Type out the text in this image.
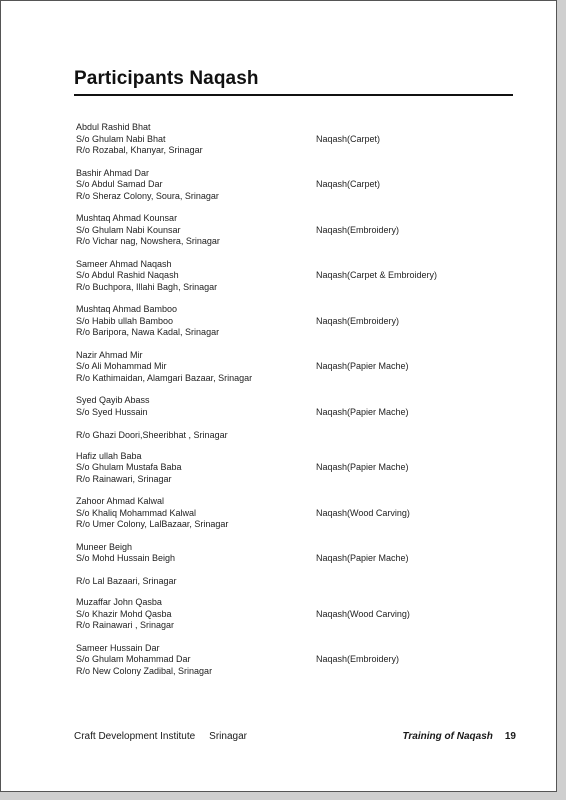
Participants Naqash
Abdul Rashid Bhat
S/o Ghulam Nabi Bhat
R/o Rozabal, Khanyar, Srinagar
Naqash(Carpet)
Bashir Ahmad Dar
S/o Abdul Samad Dar
R/o Sheraz Colony, Soura, Srinagar
Naqash(Carpet)
Mushtaq Ahmad Kounsar
S/o Ghulam Nabi Kounsar
R/o Vichar nag, Nowshera, Srinagar
Naqash(Embroidery)
Sameer Ahmad Naqash
S/o Abdul Rashid Naqash
R/o Buchpora, Illahi Bagh, Srinagar
Naqash(Carpet & Embroidery)
Mushtaq Ahmad Bamboo
S/o Habib ullah Bamboo
R/o Baripora, Nawa Kadal, Srinagar
Naqash(Embroidery)
Nazir Ahmad Mir
S/o Ali Mohammad Mir
R/o Kathimaidan, Alamgari Bazaar, Srinagar
Naqash(Papier Mache)
Syed Qayib Abass
S/o Syed Hussain
R/o Ghazi Doori,Sheeribhat , Srinagar
Naqash(Papier Mache)
Hafiz ullah Baba
S/o Ghulam Mustafa Baba
R/o Rainawari, Srinagar
Naqash(Papier Mache)
Zahoor Ahmad Kalwal
S/o Khaliq Mohammad Kalwal
R/o Umer Colony, LalBazaar, Srinagar
Naqash(Wood Carving)
Muneer Beigh
S/o Mohd Hussain Beigh
R/o Lal Bazaari, Srinagar
Naqash(Papier Mache)
Muzaffar John Qasba
S/o Khazir Mohd Qasba
R/o Rainawari , Srinagar
Naqash(Wood Carving)
Sameer Hussain Dar
S/o Ghulam Mohammad Dar
R/o New Colony Zadibal, Srinagar
Naqash(Embroidery)
Craft Development Institute Srinagar	Training of Naqash 19
